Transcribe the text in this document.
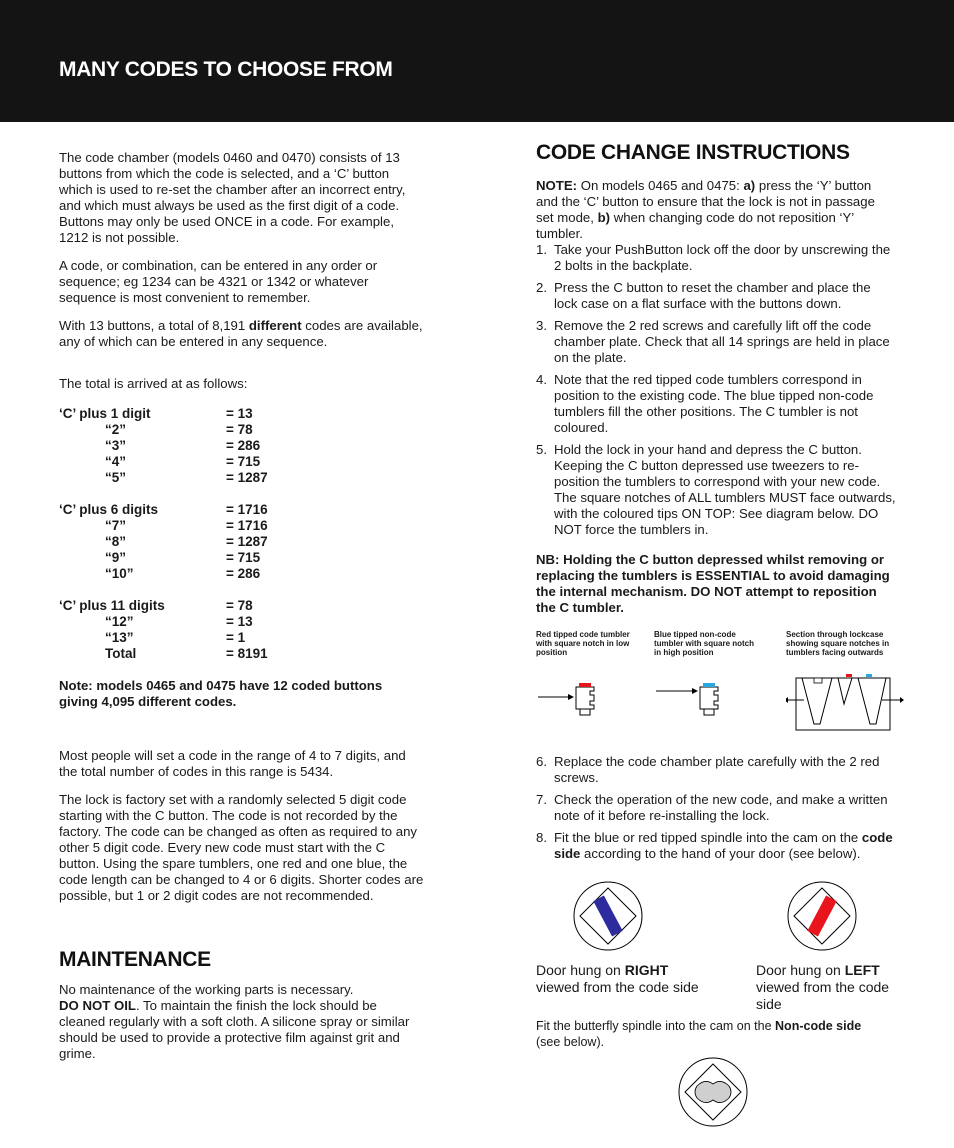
MANY CODES TO CHOOSE FROM

The code chamber (models 0460 and 0470) consists of 13 buttons from which the code is selected, and a ‘C’ button which is used to re-set the chamber after an incorrect entry, and which must always be used as the first digit of a code. Buttons may only be used ONCE in a code. For example, 1212 is not possible.

A code, or combination, can be entered in any order or sequence; eg 1234 can be 4321 or 1342 or whatever sequence is most convenient to remember.

With 13 buttons, a total of 8,191 different codes are available, any of which can be entered in any sequence.

The total is arrived at as follows:

‘C’ plus 1 digit	= 13
“2”	= 78
“3”	= 286
“4”	= 715
“5”	= 1287

‘C’ plus 6 digits	= 1716
“7”	= 1716
“8”	= 1287
“9”	= 715
“10”	= 286

‘C’ plus 11 digits	= 78
“12”	= 13
“13”	= 1
Total	= 8191

Note: models 0465 and 0475 have 12 coded buttons giving 4,095 different codes.

Most people will set a code in the range of 4 to 7 digits, and the total number of codes in this range is 5434.

The lock is factory set with a randomly selected 5 digit code starting with the C button. The code is not recorded by the factory. The code can be changed as often as required to any other 5 digit code. Every new code must start with the C button. Using the spare tumblers, one red and one blue, the code length can be changed to 4 or 6 digits. Shorter codes are possible, but 1 or 2 digit codes are not recommended.

MAINTENANCE

No maintenance of the working parts is necessary.
DO NOT OIL. To maintain the finish the lock should be cleaned regularly with a soft cloth. A silicone spray or similar should be used to provide a protective film against grit and grime.

CODE CHANGE INSTRUCTIONS

NOTE: On models 0465 and 0475: a) press the ‘Y’ button and the ‘C’ button to ensure that the lock is not in passage set mode, b) when changing code do not reposition ‘Y’ tumbler.

1. Take your PushButton lock off the door by unscrewing the 2 bolts in the backplate.
2. Press the C button to reset the chamber and place the lock case on a flat surface with the buttons down.
3. Remove the 2 red screws and carefully lift off the code chamber plate. Check that all 14 springs are held in place on the plate.
4. Note that the red tipped code tumblers correspond in position to the existing code. The blue tipped non-code tumblers fill the other positions. The C tumbler is not coloured.
5. Hold the lock in your hand and depress the C button. Keeping the C button depressed use tweezers to re-position the tumblers to correspond with your new code. The square notches of ALL tumblers MUST face outwards, with the coloured tips ON TOP: See diagram below. DO NOT force the tumblers in.

NB: Holding the C button depressed whilst removing or replacing the tumblers is ESSENTIAL to avoid damaging the internal mechanism. DO NOT attempt to reposition the C tumbler.

Red tipped code tumbler with square notch in low position
Blue tipped non-code tumbler with square notch in high position
Section through lockcase showing square notches in tumblers facing outwards
6. Replace the code chamber plate carefully with the 2 red screws.
7. Check the operation of the new code, and make a written note of it before re-installing the lock.
8. Fit the blue or red tipped spindle into the cam on the code side according to the hand of your door (see below).
Door hung on RIGHT
viewed from the code side
Door hung on LEFT
viewed from the code side

Fit the butterfly spindle into the cam on the Non-code side
(see below).
